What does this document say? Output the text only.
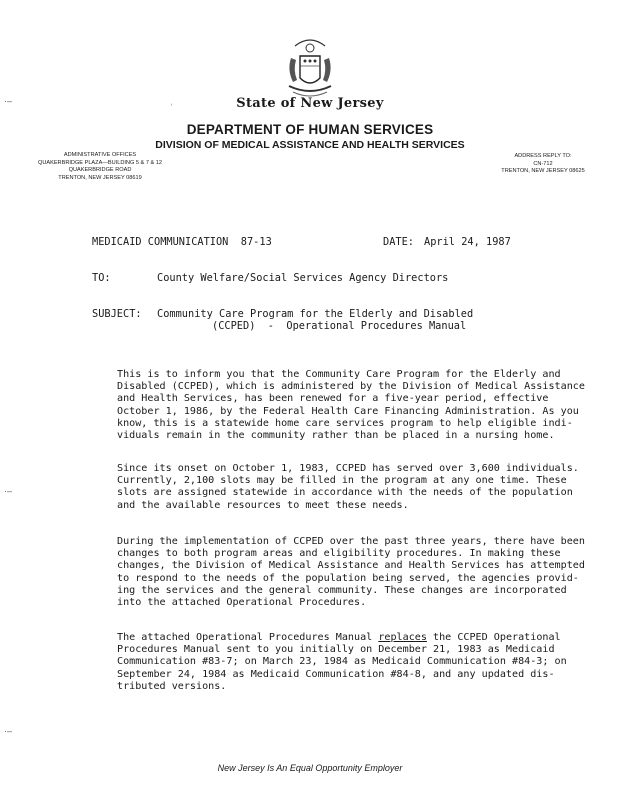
˒	State of New Jersey
DEPARTMENT OF HUMAN SERVICES
DIVISION OF MEDICAL ASSISTANCE AND HEALTH SERVICES
ADMINISTRATIVE OFFICES
QUAKERBRIDGE PLAZA—BUILDING 5 & 7 & 12
QUAKERBRIDGE ROAD
TRENTON, NEW JERSEY 08619
ADDRESS REPLY TO:
CN-712
TRENTON, NEW JERSEY 08625
MEDICAID COMMUNICATION  87-13	DATE: April 24, 1987
TO:	County Welfare/Social Services Agency Directors
SUBJECT: Community Care Program for the Elderly and Disabled
(CCPED)  -  Operational Procedures Manual
This is to inform you that the Community Care Program for the Elderly and
Disabled (CCPED), which is administered by the Division of Medical Assistance
and Health Services, has been renewed for a five-year period, effective
October 1, 1986, by the Federal Health Care Financing Administration. As you
know, this is a statewide home care services program to help eligible indi-
viduals remain in the community rather than be placed in a nursing home.
Since its onset on October 1, 1983, CCPED has served over 3,600 individuals.
Currently, 2,100 slots may be filled in the program at any one time. These
slots are assigned statewide in accordance with the needs of the population
and the available resources to meet these needs.
During the implementation of CCPED over the past three years, there have been
changes to both program areas and eligibility procedures. In making these
changes, the Division of Medical Assistance and Health Services has attempted
to respond to the needs of the population being served, the agencies provid-
ing the services and the general community. These changes are incorporated
into the attached Operational Procedures.
The attached Operational Procedures Manual replaces the CCPED Operational
Procedures Manual sent to you initially on December 21, 1983 as Medicaid
Communication #83-7; on March 23, 1984 as Medicaid Communication #84-3; on
September 24, 1984 as Medicaid Communication #84-8, and any updated dis-
tributed versions.
·–
·–
·–
New Jersey Is An Equal Opportunity Employer
